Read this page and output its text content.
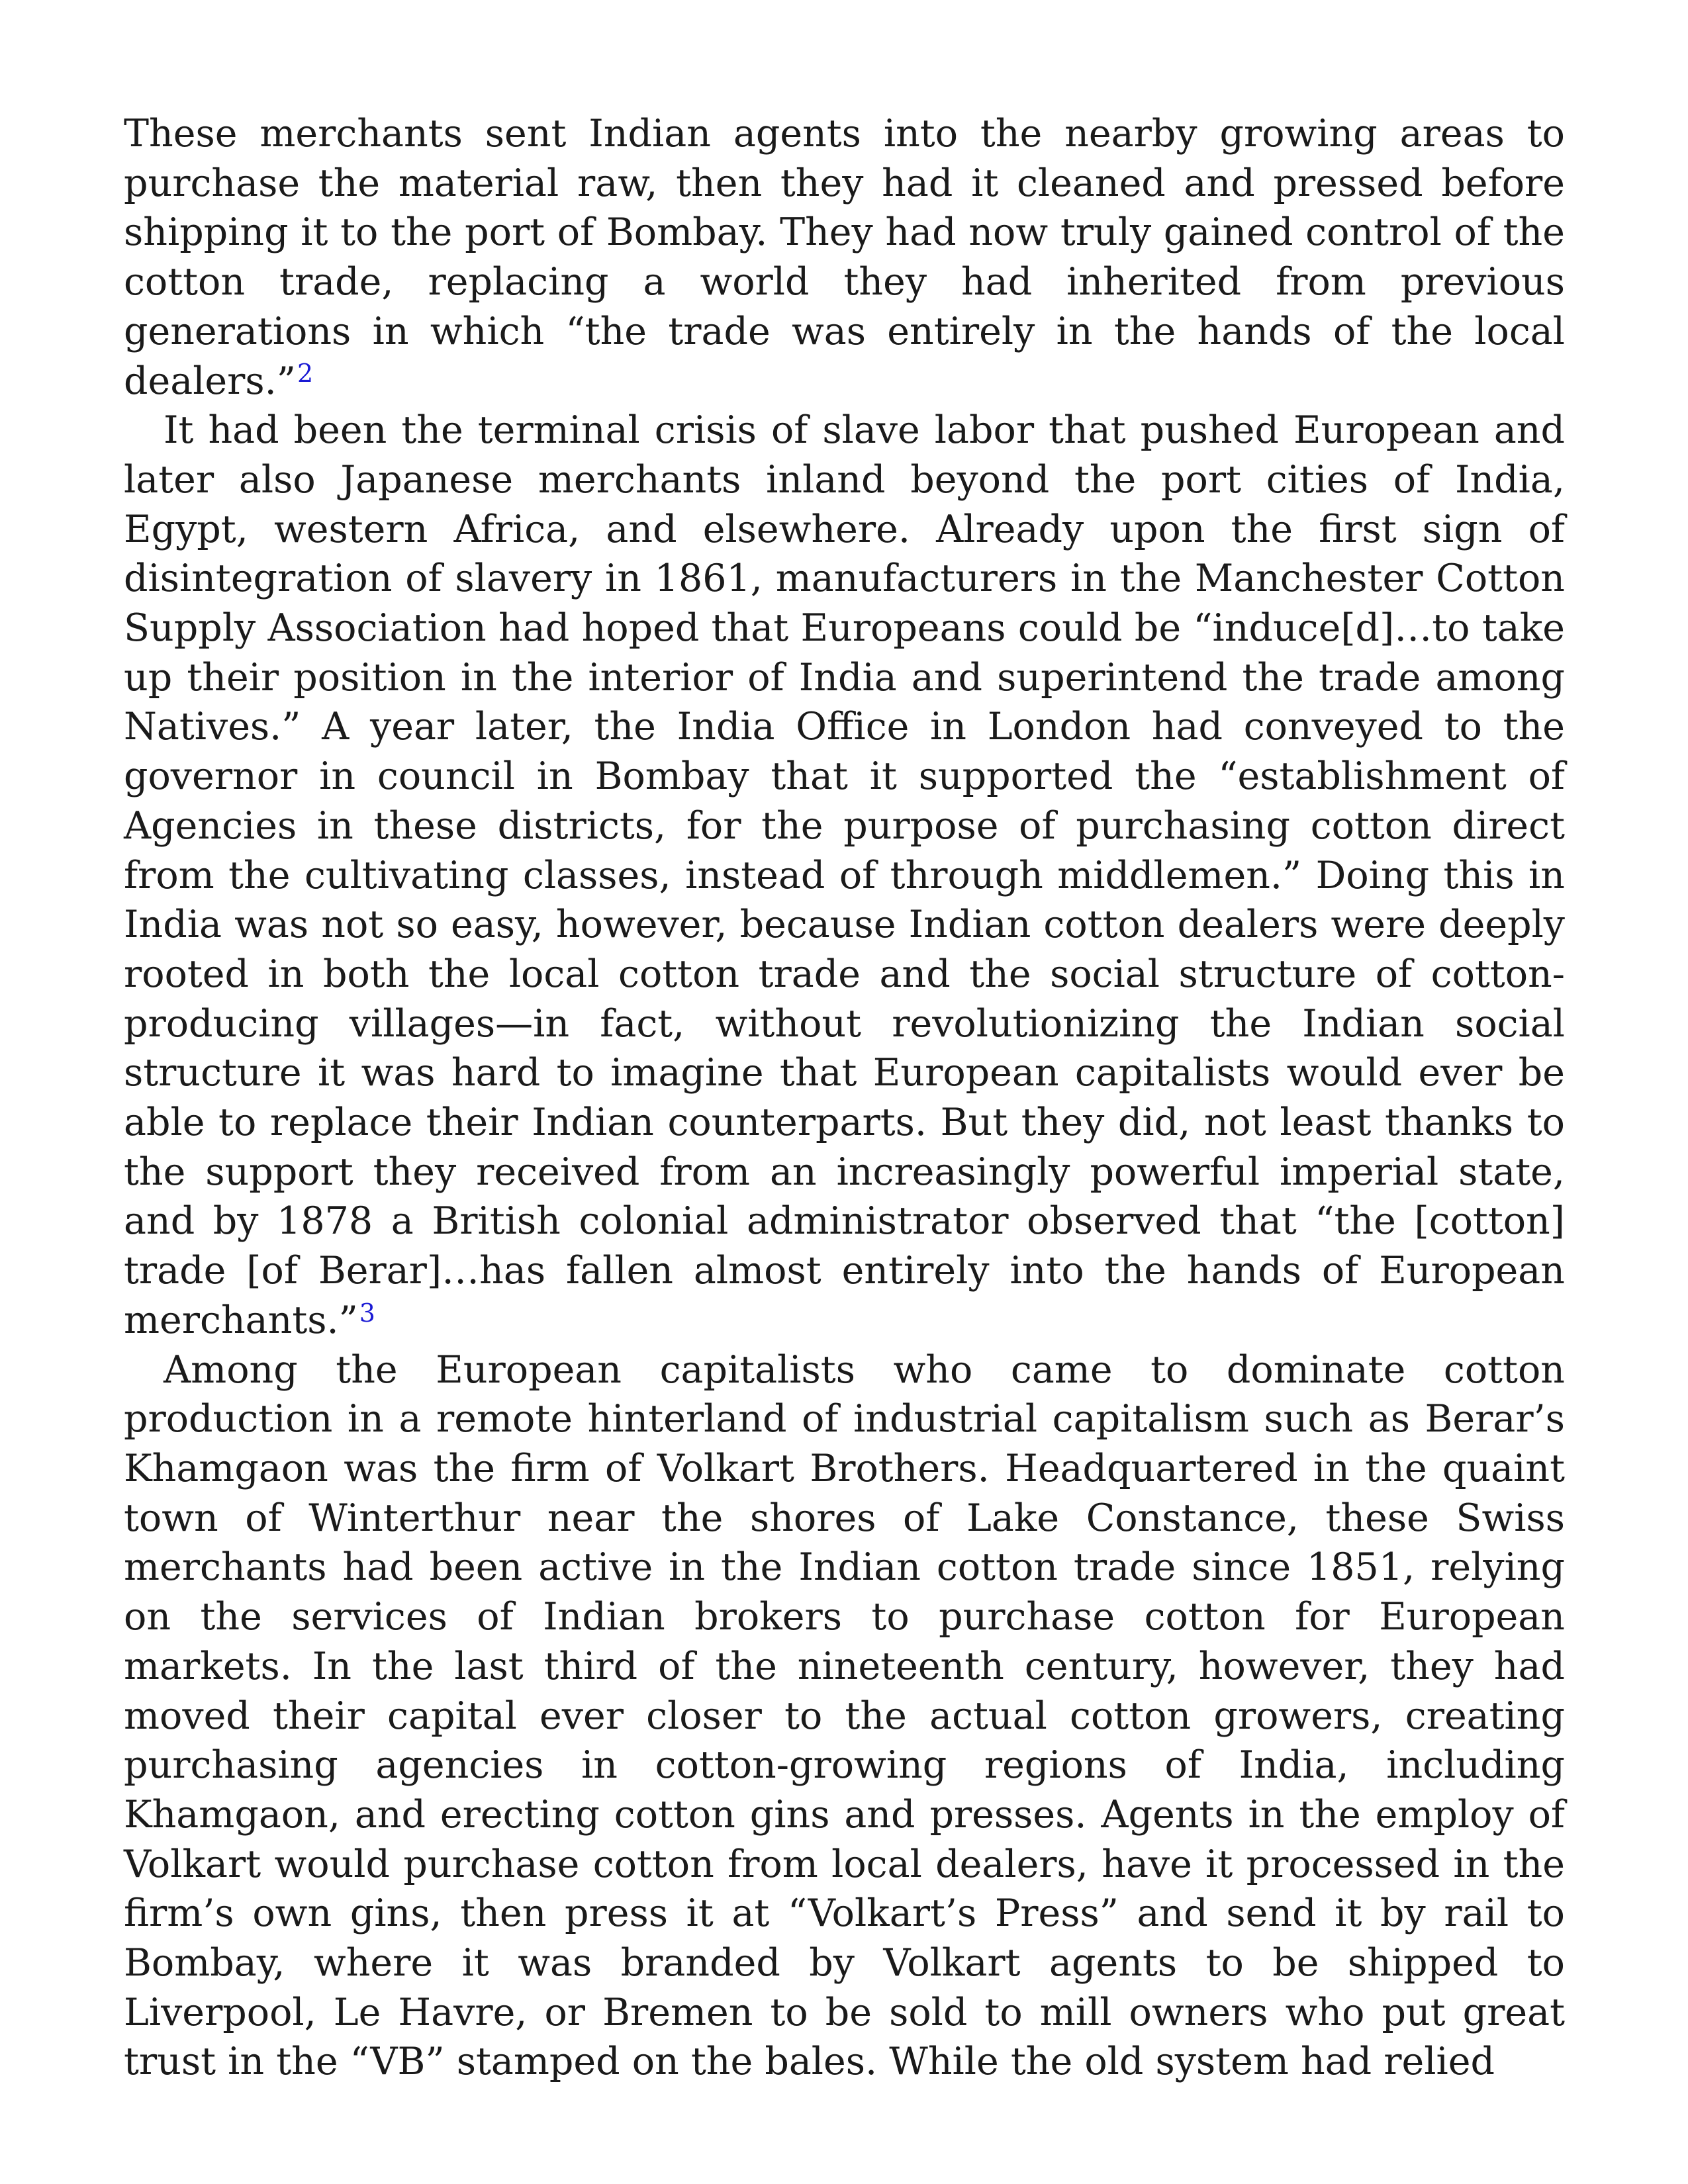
These merchants sent Indian agents into the nearby growing areas to purchase the material raw, then they had it cleaned and pressed before shipping it to the port of Bombay. They had now truly gained control of the cotton trade, replacing a world they had inherited from previous generations in which “the trade was entirely in the hands of the local dealers.”$^2$

It had been the terminal crisis of slave labor that pushed European and later also Japanese merchants inland beyond the port cities of India, Egypt, western Africa, and elsewhere. Already upon the first sign of disintegration of slavery in 1861, manufacturers in the Manchester Cotton Supply Association had hoped that Europeans could be “induce[d]…to take up their position in the interior of India and superintend the trade among Natives.” A year later, the India Office in London had conveyed to the governor in council in Bombay that it supported the “establishment of Agencies in these districts, for the purpose of purchasing cotton direct from the cultivating classes, instead of through middlemen.” Doing this in India was not so easy, however, because Indian cotton dealers were deeply rooted in both the local cotton trade and the social structure of cotton-producing villages—in fact, without revolutionizing the Indian social structure it was hard to imagine that European capitalists would ever be able to replace their Indian counterparts. But they did, not least thanks to the support they received from an increasingly powerful imperial state, and by 1878 a British colonial administrator observed that “the [cotton] trade [of Berar]…has fallen almost entirely into the hands of European merchants.”$^3$

Among the European capitalists who came to dominate cotton production in a remote hinterland of industrial capitalism such as Berar’s Khamgaon was the firm of Volkart Brothers. Headquartered in the quaint town of Winterthur near the shores of Lake Constance, these Swiss merchants had been active in the Indian cotton trade since 1851, relying on the services of Indian brokers to purchase cotton for European markets. In the last third of the nineteenth century, however, they had moved their capital ever closer to the actual cotton growers, creating purchasing agencies in cotton-growing regions of India, including Khamgaon, and erecting cotton gins and presses. Agents in the employ of Volkart would purchase cotton from local dealers, have it processed in the firm’s own gins, then press it at “Volkart’s Press” and send it by rail to Bombay, where it was branded by Volkart agents to be shipped to Liverpool, Le Havre, or Bremen to be sold to mill owners who put great trust in the “VB” stamped on the bales. While the old system had relied
